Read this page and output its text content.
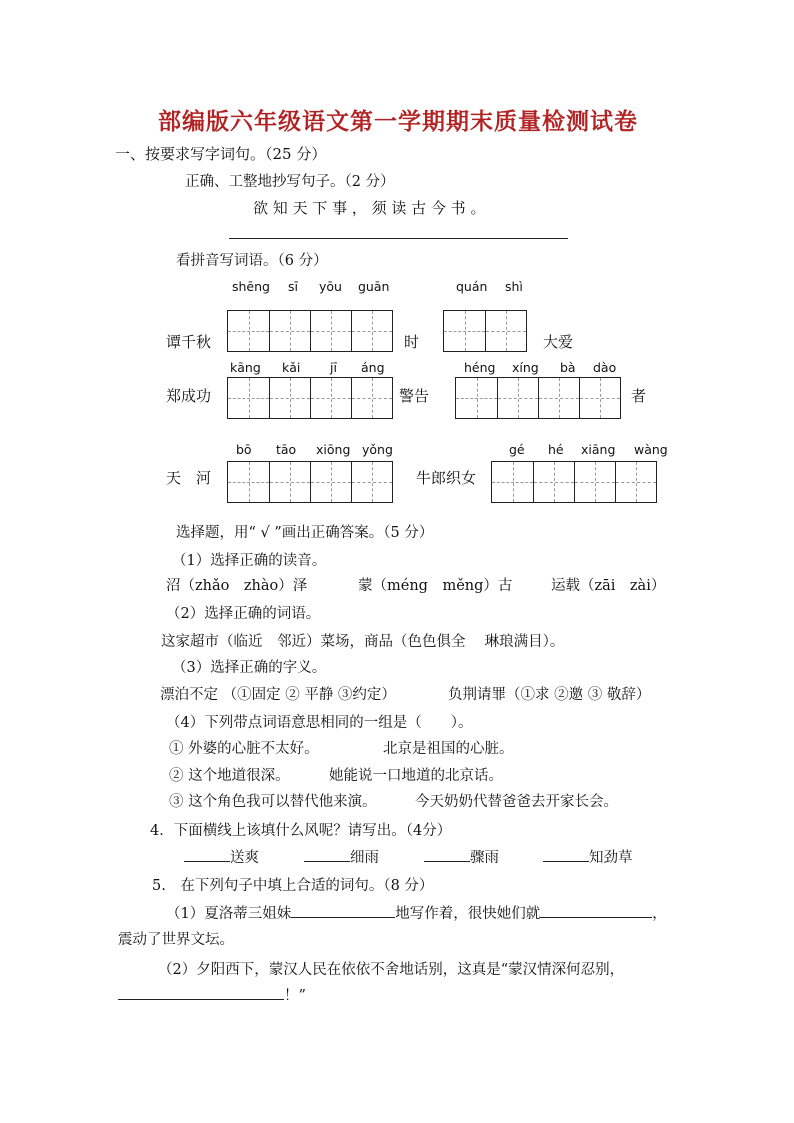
部编版六年级语文第一学期期末质量检测试卷
一、按要求写字词句。（25 分）
正确、工整地抄写句子。（2 分）
欲 知 天 下 事 ， 须 读 古 今 书 。
看拼音写词语。（6 分）
shēng sī yōu guān	quán shì
谭千秋	时	大爱
kāng kǎi jī áng	héng xíng bà dào
郑成功	警告	者
bō tāo xiōng yǒng	gé hé xiāng wàng
天　河	牛郎织女
选择题，用“ √ ”画出正确答案。（5 分）
（1）选择正确的读音。
沼（zhǎo　zhào）泽	蒙（méng　měng）古	运载（zāi　zài）
（2）选择正确的词语。
这家超市（临近　邻近）菜场，商品（色色俱全　 琳琅满目）。
（3）选择正确的字义。
漂泊不定 （①固定 ② 平静 ③约定）	负荆请罪（①求 ②邀 ③ 敬辞）
（4）下列带点词语意思相同的一组是（　　）。
① 外婆的心脏不太好。	北京是祖国的心脏。
② 这个地道很深。	她能说一口地道的北京话。
③ 这个角色我可以替代他来演。	今天奶奶代替爸爸去开家长会。
4．下面横线上该填什么风呢？请写出。（4分）
送爽	细雨	骤雨	知劲草
5.　在下列句子中填上合适的词句。（8 分）
（1）夏洛蒂三姐妹	地写作着，很快她们就	，
震动了世界文坛。
（2）夕阳西下，蒙汉人民在依依不舍地话别，这真是“蒙汉情深何忍别，
！”
